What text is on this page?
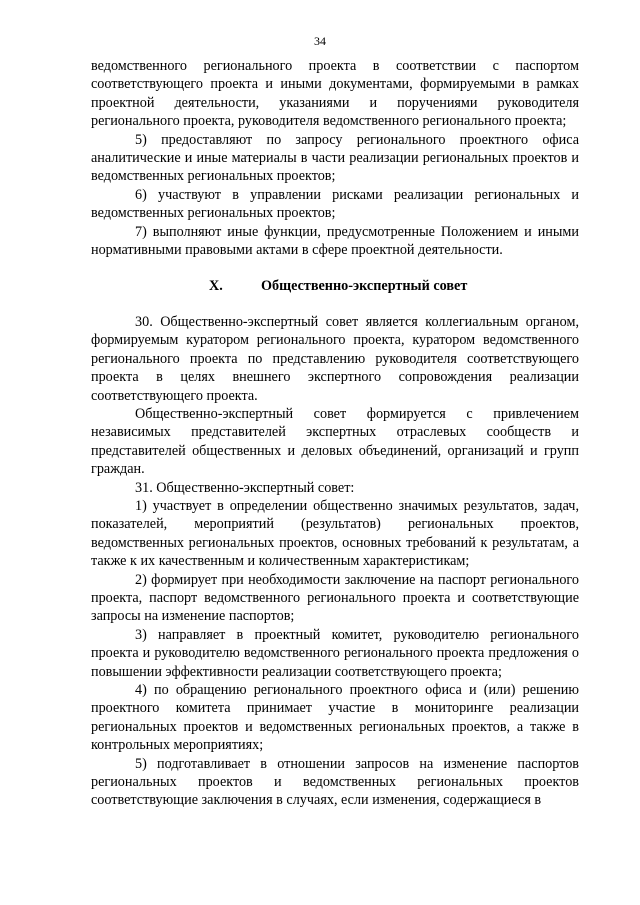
34

ведомственного регионального проекта в соответствии с паспортом соответствующего проекта и иными документами, формируемыми в рамках проектной деятельности, указаниями и поручениями руководителя регионального проекта, руководителя ведомственного регионального проекта;

5) предоставляют по запросу регионального проектного офиса аналитические и иные материалы в части реализации региональных проектов и ведомственных региональных проектов;

6) участвуют в управлении рисками реализации региональных и ведомственных региональных проектов;

7) выполняют иные функции, предусмотренные Положением и иными нормативными правовыми актами в сфере проектной деятельности.

X.	Общественно-экспертный совет

30. Общественно-экспертный совет является коллегиальным органом, формируемым куратором регионального проекта, куратором ведомственного регионального проекта по представлению руководителя соответствующего проекта в целях внешнего экспертного сопровождения реализации соответствующего проекта.

Общественно-экспертный совет формируется с привлечением независимых представителей экспертных отраслевых сообществ и представителей общественных и деловых объединений, организаций и групп граждан.

31. Общественно-экспертный совет:

1) участвует в определении общественно значимых результатов, задач, показателей, мероприятий (результатов) региональных проектов, ведомственных региональных проектов, основных требований к результатам, а также к их качественным и количественным характеристикам;

2) формирует при необходимости заключение на паспорт регионального проекта, паспорт ведомственного регионального проекта и соответствующие запросы на изменение паспортов;

3) направляет в проектный комитет, руководителю регионального проекта и руководителю ведомственного регионального проекта предложения о повышении эффективности реализации соответствующего проекта;

4) по обращению регионального проектного офиса и (или) решению проектного комитета принимает участие в мониторинге реализации региональных проектов и ведомственных региональных проектов, а также в контрольных мероприятиях;

5) подготавливает в отношении запросов на изменение паспортов региональных проектов и ведомственных региональных проектов соответствующие заключения в случаях, если изменения, содержащиеся в
